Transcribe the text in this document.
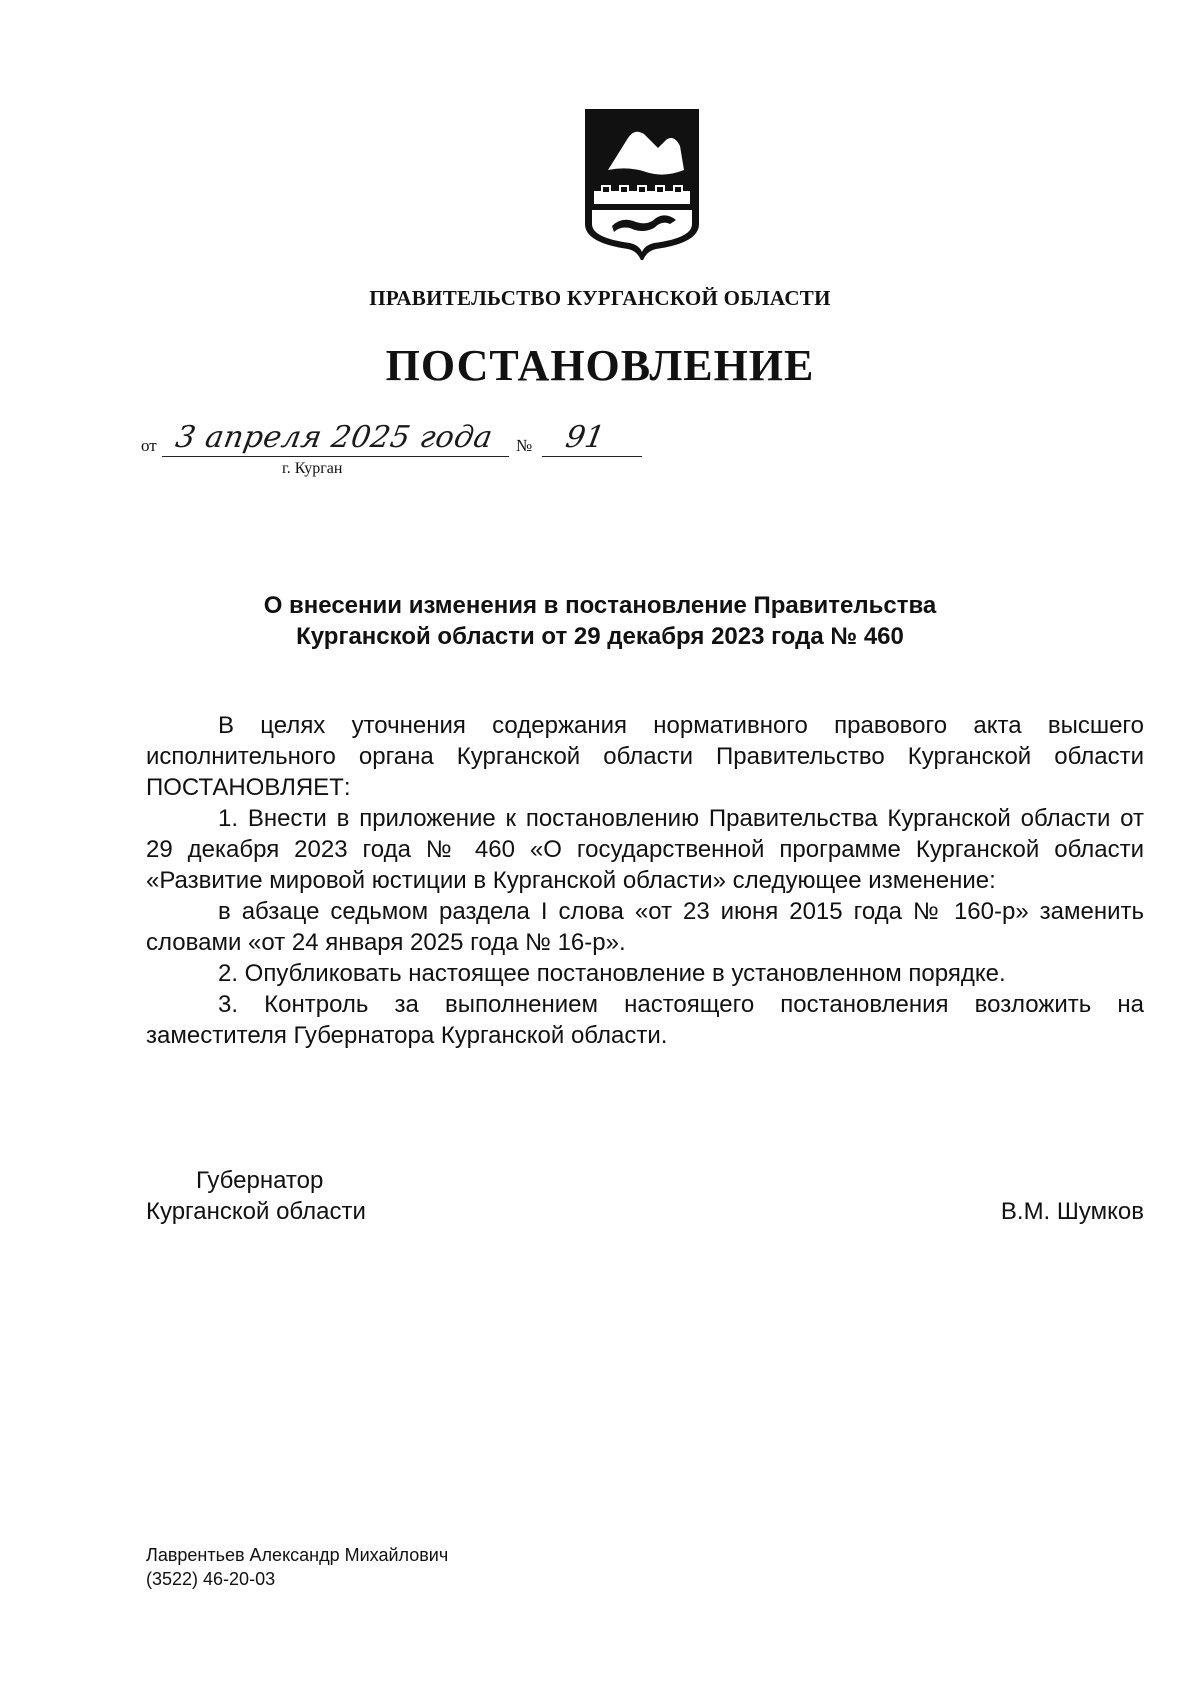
ПРАВИТЕЛЬСТВО КУРГАНСКОЙ ОБЛАСТИ
ПОСТАНОВЛЕНИЕ
от 3 апреля 2025 года № 91
г. Курган
О внесении изменения в постановление Правительства
Курганской области от 29 декабря 2023 года № 460

В целях уточнения содержания нормативного правового акта высшего исполнительного органа Курганской области Правительство Курганской области ПОСТАНОВЛЯЕТ:

1. Внести в приложение к постановлению Правительства Курганской области от 29 декабря 2023 года № 460 «О государственной программе Курганской области «Развитие мировой юстиции в Курганской области» следующее изменение:

в абзаце седьмом раздела I слова «от 23 июня 2015 года № 160-р» заменить словами «от 24 января 2025 года № 16-р».

2. Опубликовать настоящее постановление в установленном порядке.

3. Контроль за выполнением настоящего постановления возложить на заместителя Губернатора Курганской области.

Губернатор
Курганской области	В.М. Шумков
Лаврентьев Александр Михайлович
(3522) 46-20-03
